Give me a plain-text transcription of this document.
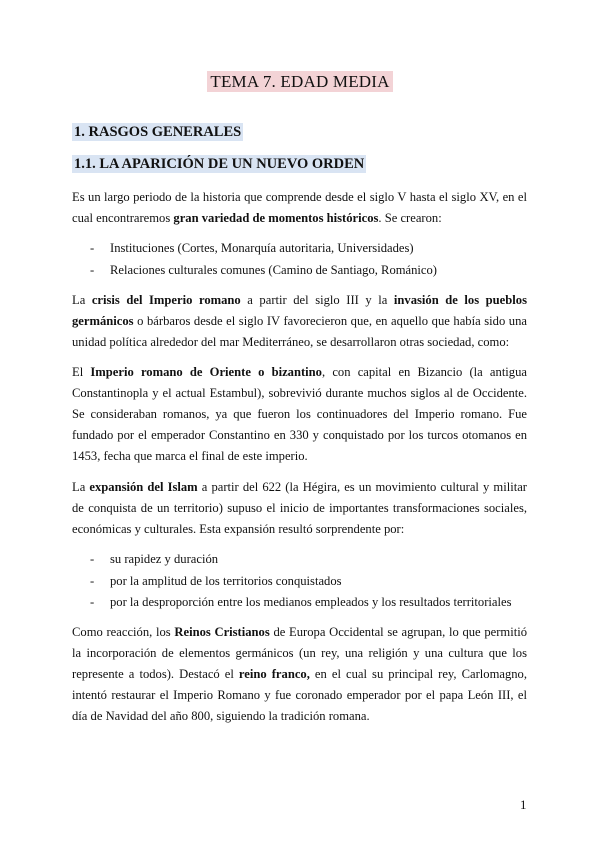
TEMA 7. EDAD MEDIA
1. RASGOS GENERALES
1.1. LA APARICIÓN DE UN NUEVO ORDEN

Es un largo periodo de la historia que comprende desde el siglo V hasta el siglo XV, en el cual encontraremos gran variedad de momentos históricos. Se crearon:

- Instituciones (Cortes, Monarquía autoritaria, Universidades)
- Relaciones culturales comunes (Camino de Santiago, Románico)

La crisis del Imperio romano a partir del siglo III y la invasión de los pueblos germánicos o bárbaros desde el siglo IV favorecieron que, en aquello que había sido una unidad política alrededor del mar Mediterráneo, se desarrollaron otras sociedad, como:

El Imperio romano de Oriente o bizantino, con capital en Bizancio (la antigua Constantinopla y el actual Estambul), sobrevivió durante muchos siglos al de Occidente. Se consideraban romanos, ya que fueron los continuadores del Imperio romano. Fue fundado por el emperador Constantino en 330 y conquistado por los turcos otomanos en 1453, fecha que marca el final de este imperio.

La expansión del Islam a partir del 622 (la Hégira, es un movimiento cultural y militar de conquista de un territorio) supuso el inicio de importantes transformaciones sociales, económicas y culturales. Esta expansión resultó sorprendente por:

- su rapidez y duración
- por la amplitud de los territorios conquistados
- por la desproporción entre los medianos empleados y los resultados territoriales

Como reacción, los Reinos Cristianos de Europa Occidental se agrupan, lo que permitió la incorporación de elementos germánicos (un rey, una religión y una cultura que los represente a todos). Destacó el reino franco, en el cual su principal rey, Carlomagno, intentó restaurar el Imperio Romano y fue coronado emperador por el papa León III, el día de Navidad del año 800, siguiendo la tradición romana.

1
